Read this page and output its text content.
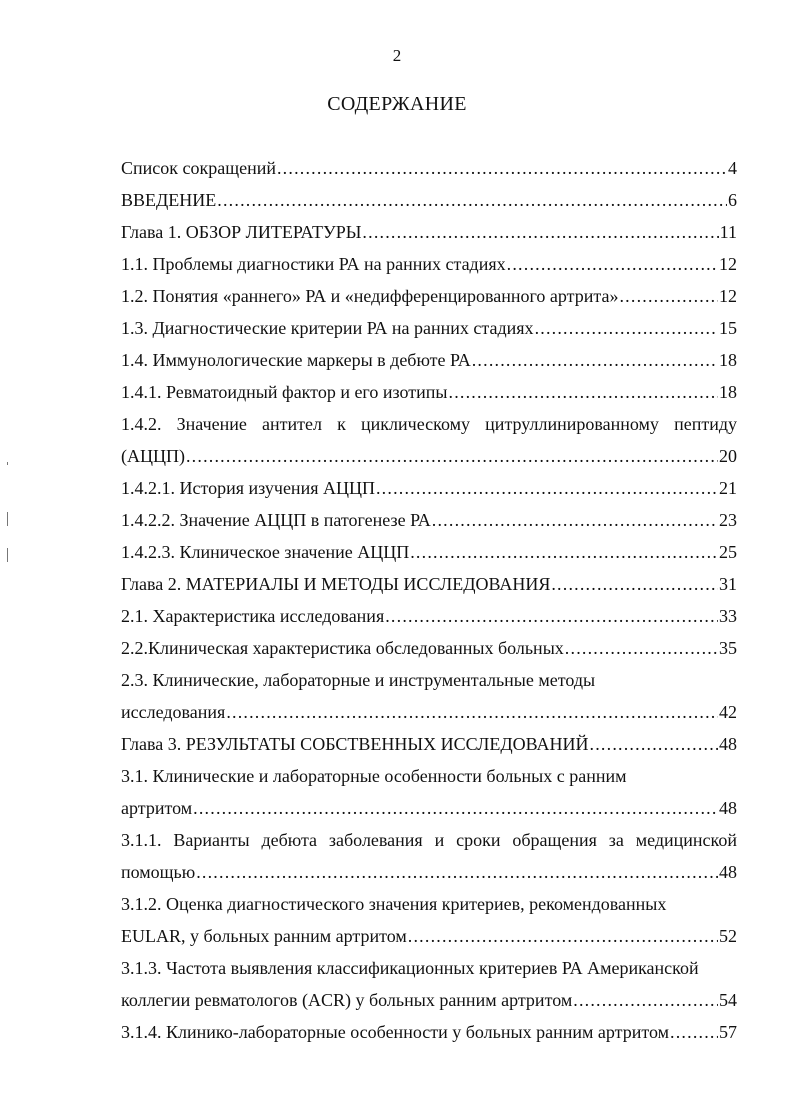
2
СОДЕРЖАНИЕ
Список сокращений .....	4
ВВЕДЕНИЕ .....	6
Глава 1. ОБЗОР ЛИТЕРАТУРЫ .....	11
1.1. Проблемы диагностики РА на ранних стадиях .....	12
1.2. Понятия «раннего» РА и «недифференцированного артрита» .....	12
1.3. Диагностические критерии РА на ранних стадиях .....	15
1.4. Иммунологические маркеры в дебюте РА .....	18
1.4.1. Ревматоидный фактор и его изотипы .....	18
1.4.2. Значение антител к циклическому цитруллинированному пептиду
(АЦЦП) .....	20
1.4.2.1. История изучения АЦЦП .....	21
1.4.2.2. Значение АЦЦП в патогенезе РА .....	23
1.4.2.3. Клиническое значение АЦЦП .....	25
Глава 2. МАТЕРИАЛЫ И МЕТОДЫ ИССЛЕДОВАНИЯ .....	31
2.1. Характеристика исследования .....	33
2.2.Клиническая характеристика обследованных больных .....	35
2.3. Клинические, лабораторные и инструментальные методы
исследования .....	42
Глава 3. РЕЗУЛЬТАТЫ СОБСТВЕННЫХ ИССЛЕДОВАНИЙ .....	48
3.1. Клинические и лабораторные особенности больных с ранним
артритом .....	48
3.1.1. Варианты дебюта заболевания и сроки обращения за медицинской
помощью .....	48
3.1.2. Оценка диагностического значения критериев, рекомендованных
EULAR, у больных ранним артритом .....	52
3.1.3. Частота выявления классификационных критериев РА Американской
коллегии ревматологов (ACR) у больных ранним артритом .....	54
3.1.4. Клинико-лабораторные особенности у больных ранним артритом .....	57
